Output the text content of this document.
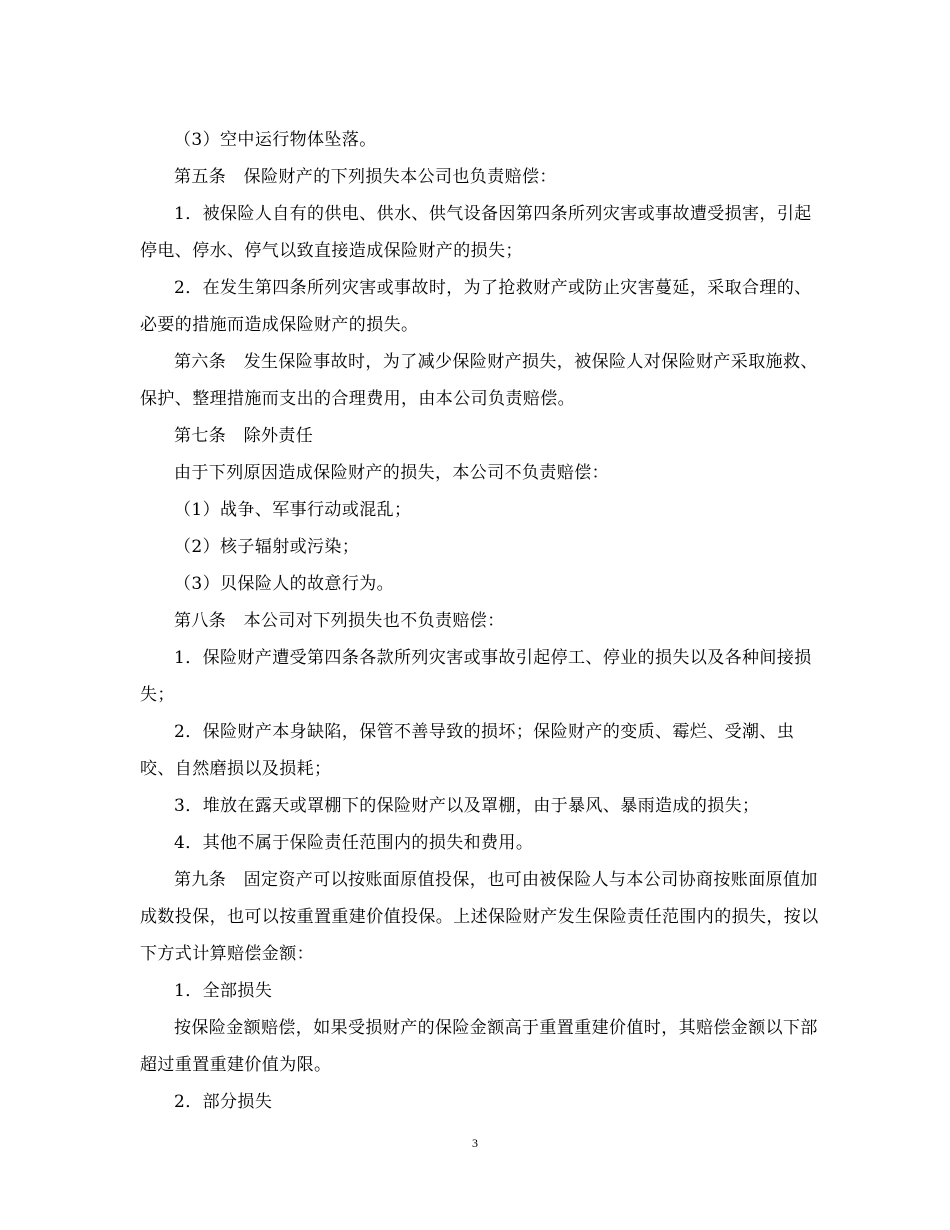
（3）空中运行物体坠落。

第五条　保险财产的下列损失本公司也负责赔偿：

1．被保险人自有的供电、供水、供气设备因第四条所列灾害或事故遭受损害，引起停电、停水、停气以致直接造成保险财产的损失；

2．在发生第四条所列灾害或事故时，为了抢救财产或防止灾害蔓延，采取合理的、必要的措施而造成保险财产的损失。

第六条　发生保险事故时，为了减少保险财产损失，被保险人对保险财产采取施救、保护、整理措施而支出的合理费用，由本公司负责赔偿。

第七条　除外责任

由于下列原因造成保险财产的损失，本公司不负责赔偿：

（1）战争、军事行动或混乱；

（2）核子辐射或污染；

（3）贝保险人的故意行为。

第八条　本公司对下列损失也不负责赔偿：

1．保险财产遭受第四条各款所列灾害或事故引起停工、停业的损失以及各种间接损失；

2．保险财产本身缺陷，保管不善导致的损坏；保险财产的变质、霉烂、受潮、虫咬、自然磨损以及损耗；

3．堆放在露天或罩棚下的保险财产以及罩棚，由于暴风、暴雨造成的损失；

4．其他不属于保险责任范围内的损失和费用。

第九条　固定资产可以按账面原值投保，也可由被保险人与本公司协商按账面原值加成数投保，也可以按重置重建价值投保。上述保险财产发生保险责任范围内的损失，按以下方式计算赔偿金额：

1．全部损失

按保险金额赔偿，如果受损财产的保险金额高于重置重建价值时，其赔偿金额以下部超过重置重建价值为限。

2．部分损失

3
